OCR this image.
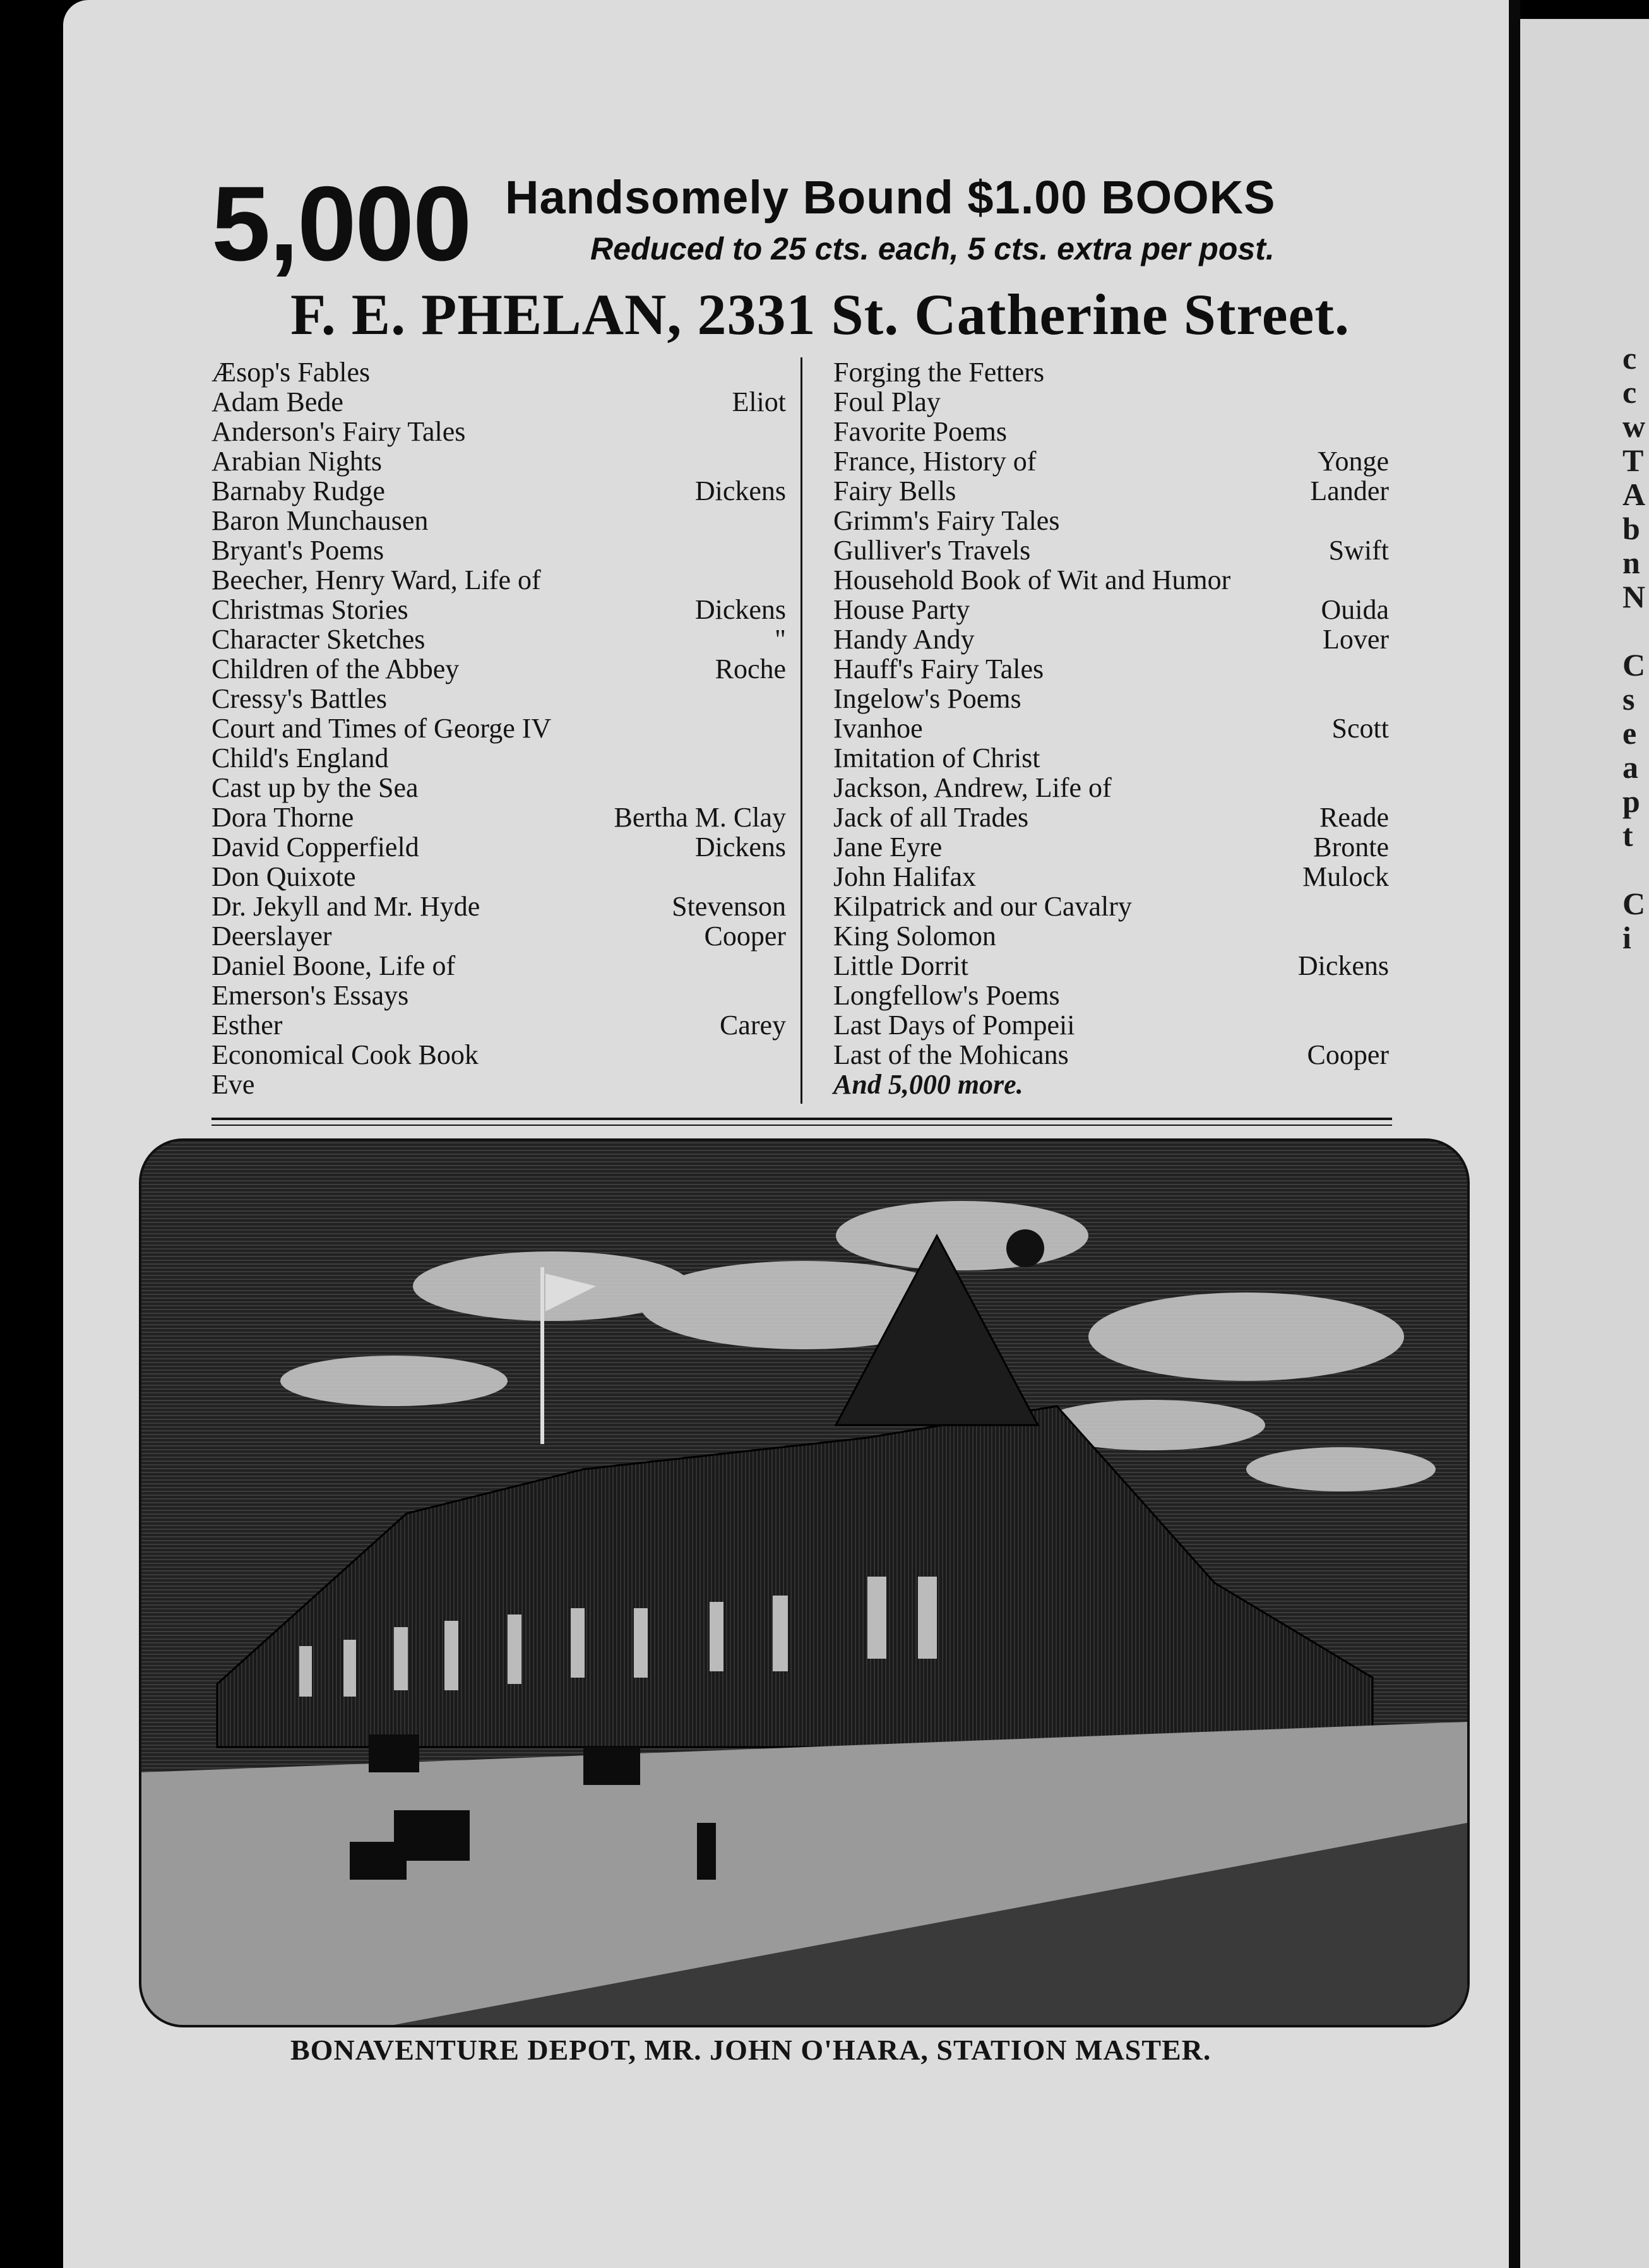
c
c
w
T
A
b
n
N
C
s
e
a
p
t
C
i
5,000 Handsomely Bound $1.00 BOOKS
Reduced to 25 cts. each, 5 cts. extra per post.
F. E. PHELAN, 2331 St. Catherine Street.
Æsop's Fables
Adam Bede	Eliot
Anderson's Fairy Tales
Arabian Nights
Barnaby Rudge	Dickens
Baron Munchausen
Bryant's Poems
Beecher, Henry Ward, Life of
Christmas Stories	Dickens
Character Sketches	"
Children of the Abbey	Roche
Cressy's Battles
Court and Times of George IV
Child's England
Cast up by the Sea
Dora Thorne	Bertha M. Clay
David Copperfield	Dickens
Don Quixote
Dr. Jekyll and Mr. Hyde	Stevenson
Deerslayer	Cooper
Daniel Boone, Life of
Emerson's Essays
Esther	Carey
Economical Cook Book
Eve
Forging the Fetters
Foul Play
Favorite Poems
France, History of	Yonge
Fairy Bells	Lander
Grimm's Fairy Tales
Gulliver's Travels	Swift
Household Book of Wit and Humor
House Party	Ouida
Handy Andy	Lover
Hauff's Fairy Tales
Ingelow's Poems
Ivanhoe	Scott
Imitation of Christ
Jackson, Andrew, Life of
Jack of all Trades	Reade
Jane Eyre	Bronte
John Halifax	Mulock
Kilpatrick and our Cavalry
King Solomon
Little Dorrit	Dickens
Longfellow's Poems
Last Days of Pompeii
Last of the Mohicans	Cooper
And 5,000 more.
BONAVENTURE DEPOT, MR. JOHN O'HARA, STATION MASTER.
